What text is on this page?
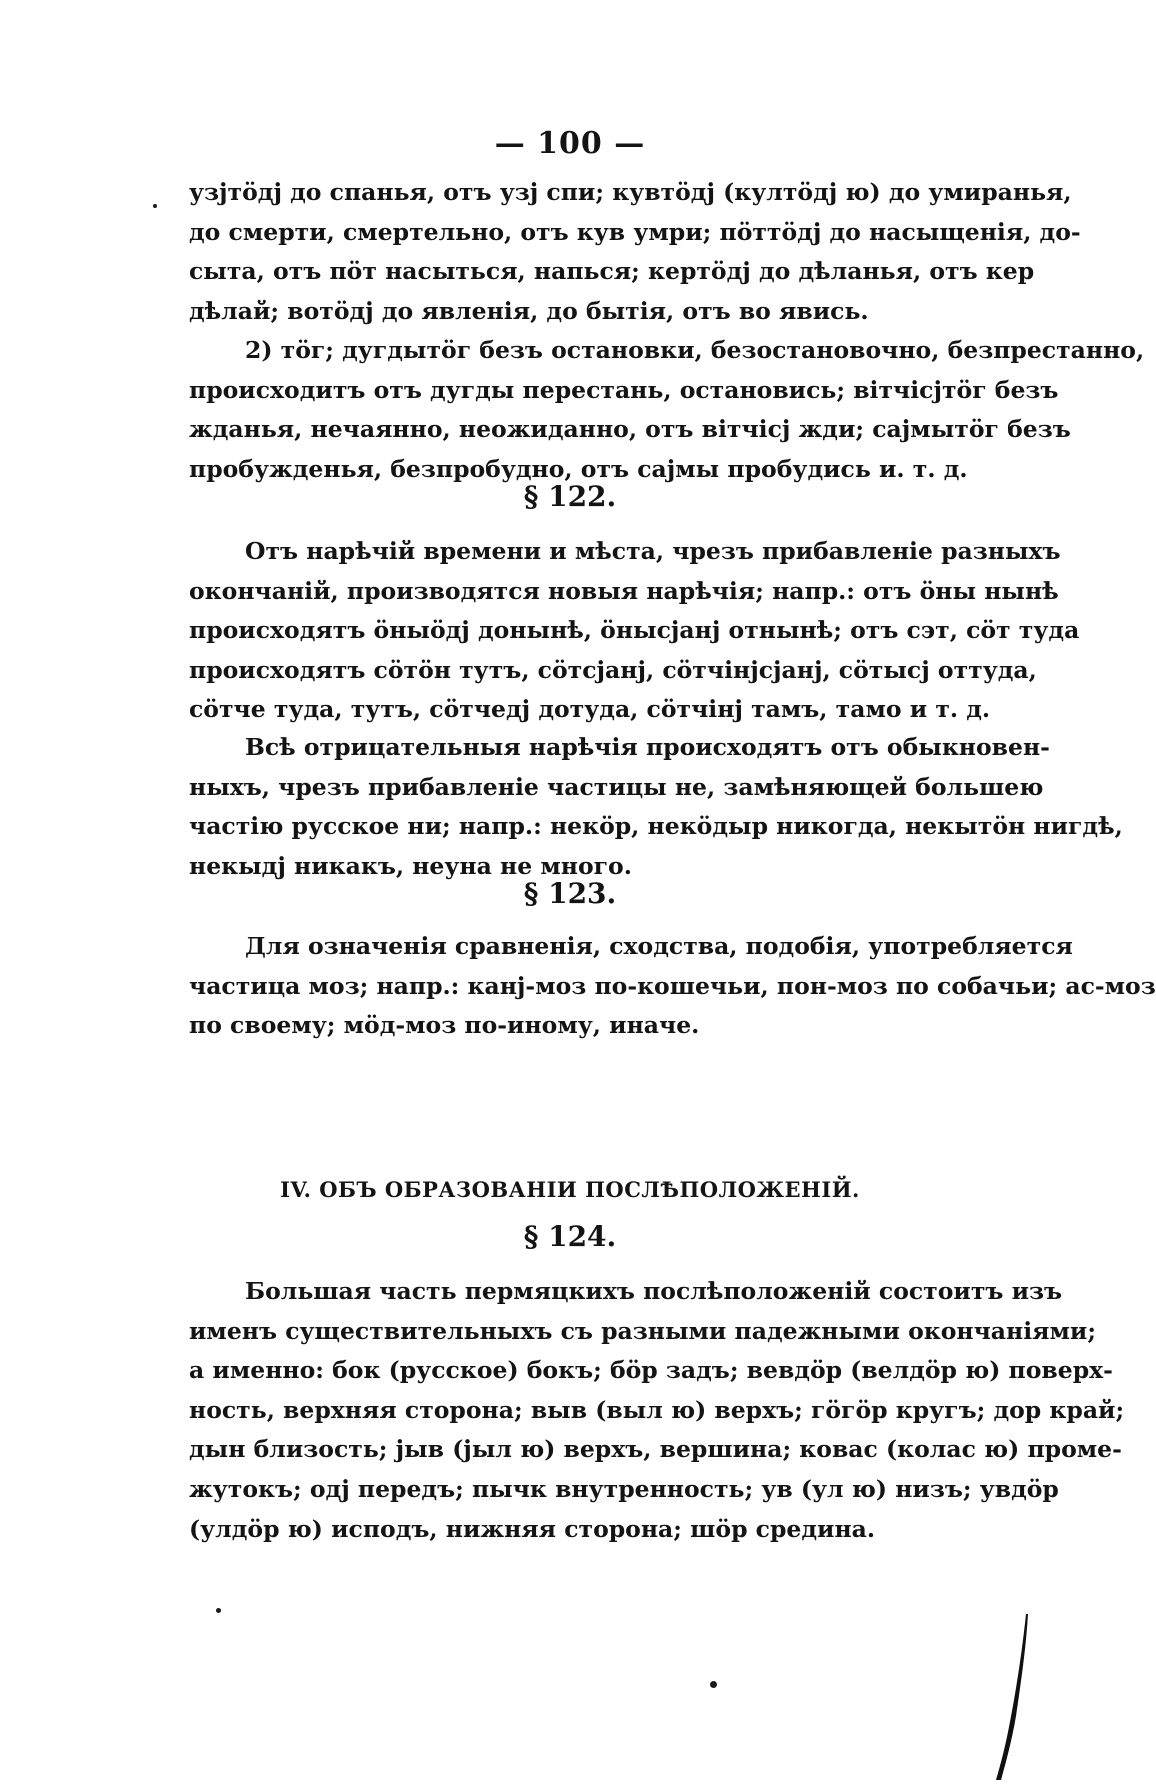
— 100 —
узјтöдј до спанья, отъ узј спи; кувтöдј (култöдј ю) до умиранья,
до смерти, смертельно, отъ кув умри; пöттöдј до насыщенія, до-
сыта, отъ пöт насыться, напься; кертöдј до дѣланья, отъ кер
дѣлай; вотöдј до явленія, до бытія, отъ во явись.
2) тöг; дугдытöг безъ остановки, безостановочно, безпрестанно,
происходитъ отъ дугды перестань, остановись; вітчісјтöг безъ
жданья, нечаянно, неожиданно, отъ вітчісј жди; сајмытöг безъ
пробужденья, безпробудно, отъ сајмы пробудись и. т. д.
§ 122.
Отъ нарѣчій времени и мѣста, чрезъ прибавленіе разныхъ
окончаній, производятся новыя нарѣчія; напр.: отъ öны нынѣ
происходятъ öныöдј донынѣ, öнысјанј отнынѣ; отъ сэт, сöт туда
происходятъ сöтöн тутъ, сöтсјанј, сöтчінјсјанј, сöтысј оттуда,
сöтче туда, тутъ, сöтчедј дотуда, сöтчінј тамъ, тамо и т. д.
Всѣ отрицательныя нарѣчія происходятъ отъ обыкновен-
ныхъ, чрезъ прибавленіе частицы не, замѣняющей большею
частію русское ни; напр.: некöр, некöдыр никогда, некытöн нигдѣ,
некыдј никакъ, неуна не много.
§ 123.
Для означенія сравненія, сходства, подобія, употребляется
частица моз; напр.: канј-моз по-кошечьи, пон-моз по собачьи; ас-моз
по своему; мöд-моз по-иному, иначе.
IV. ОБЪ ОБРАЗОВАНІИ ПОСЛѢПОЛОЖЕНІЙ.
§ 124.
Большая часть пермяцкихъ послѣположеній состоитъ изъ
именъ существительныхъ съ разными падежными окончаніями;
а именно: бок (русское) бокъ; бöр задъ; вевдöр (велдöр ю) поверх-
ность, верхняя сторона; выв (выл ю) верхъ; гöгöр кругъ; дор край;
дын близость; јыв (јыл ю) верхъ, вершина; ковас (колас ю) проме-
жутокъ; одј передъ; пычк внутренность; ув (ул ю) низъ; увдöр
(улдöр ю) исподъ, нижняя сторона; шöр средина.
